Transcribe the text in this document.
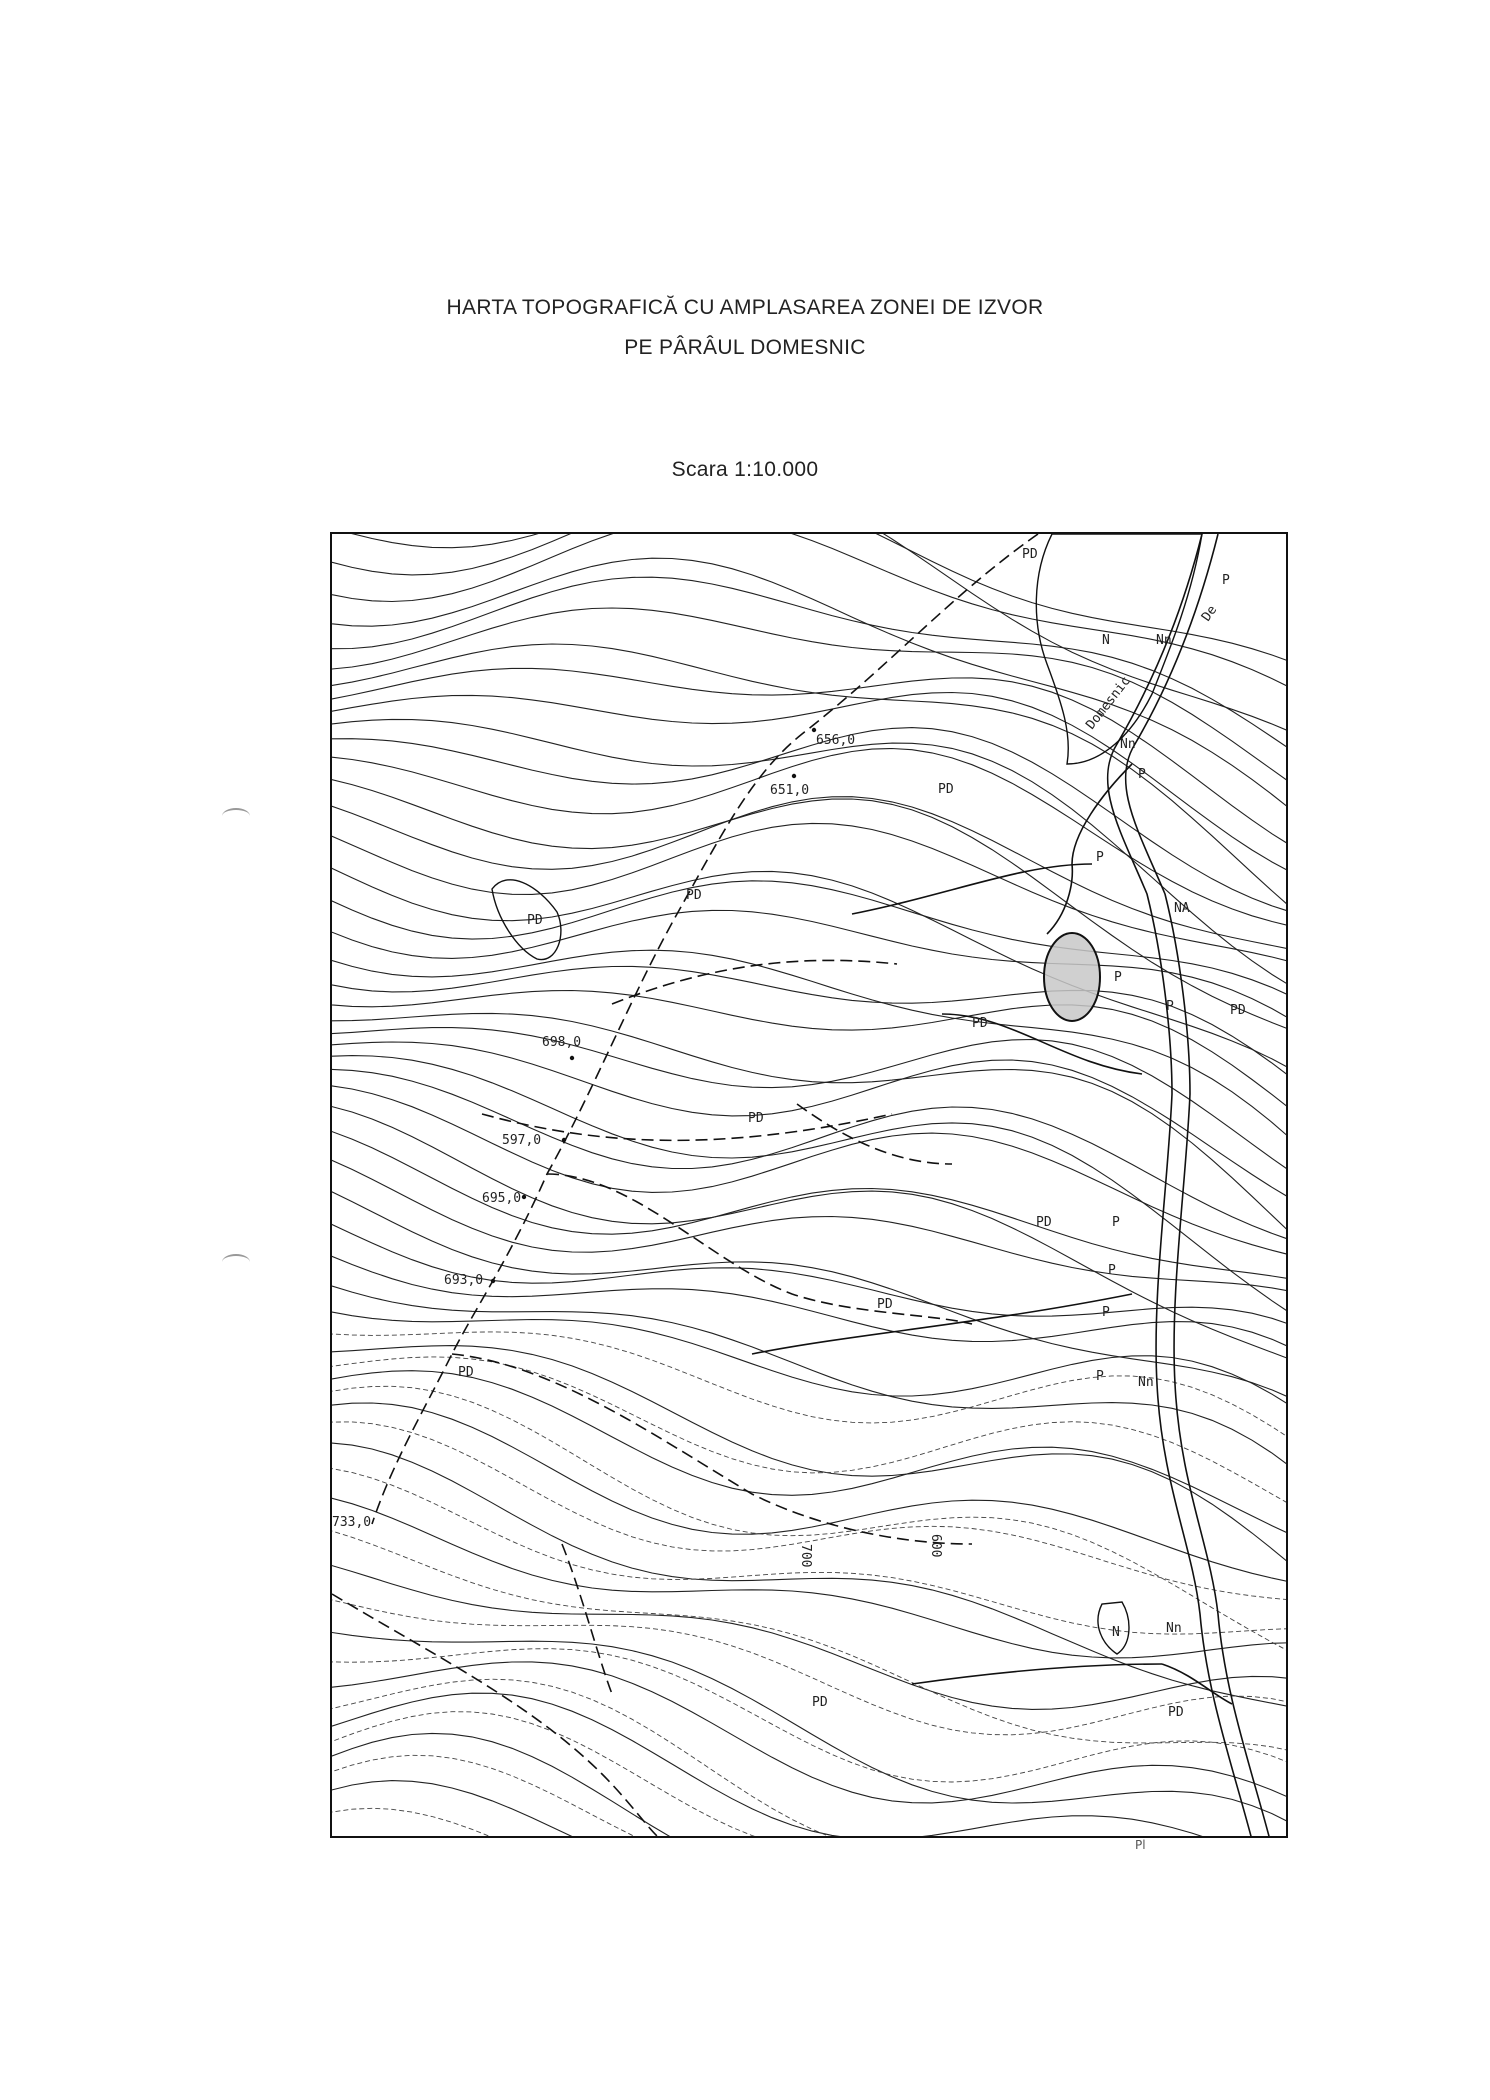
HARTA TOPOGRAFICĂ CU AMPLASAREA ZONEI DE IZVOR
PE PÂRÂUL DOMESNIC
Scara 1:10.000
656,0
651,0
698,0
597,0
695,0
693,0
733,0
600
700
PD
PD
PD
PD
PD
PD
PD
PD
PD
PD
PD
PD
N
N
Nn
Nn
Nn
Nn
P
P
P
P
P
P
P
P
P
NA
Domesnic
De
Pl
